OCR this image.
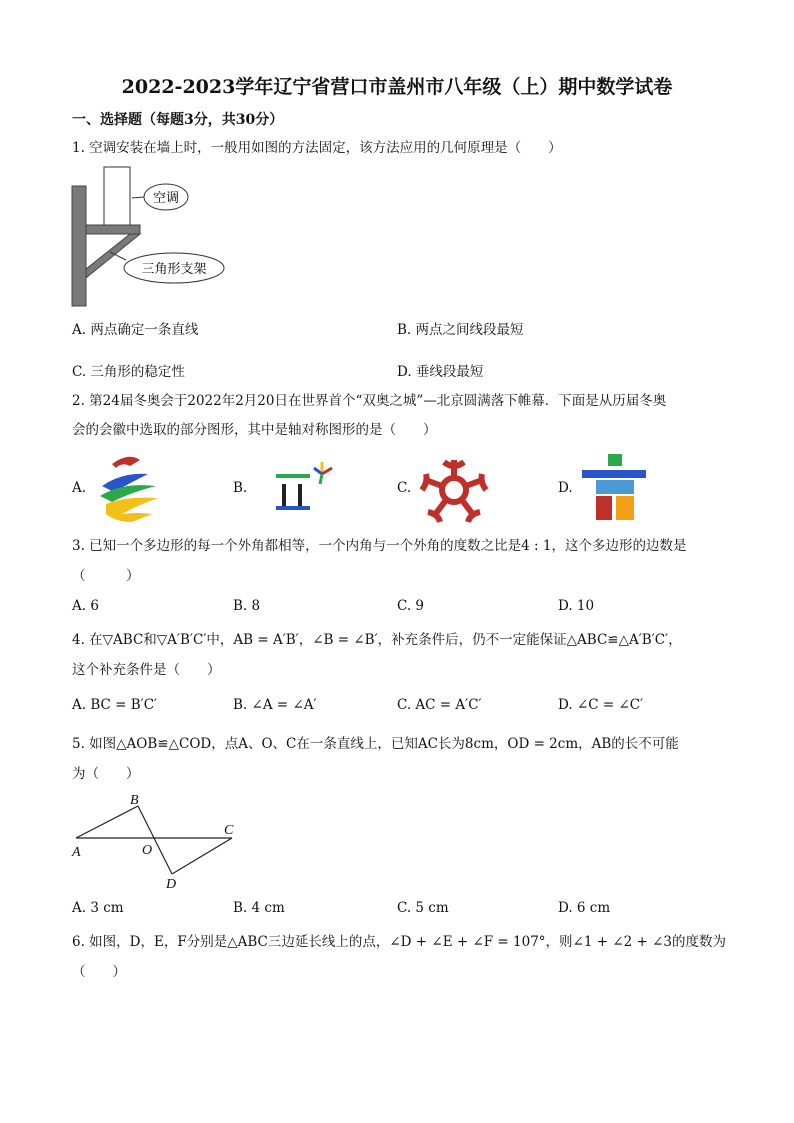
2022-2023学年辽宁省营口市盖州市八年级（上）期中数学试卷
一、选择题（每题3分，共30分）
1. 空调安装在墙上时，一般用如图的方法固定，该方法应用的几何原理是（　　）
空调
三角形支架
A. 两点确定一条直线	B. 两点之间线段最短
C. 三角形的稳定性	D. 垂线段最短
2. 第24届冬奥会于2022年2月20日在世界首个“双奥之城”—北京圆满落下帷幕．下面是从历届冬奥
会的会徽中选取的部分图形，其中是轴对称图形的是（　　）
A.	B.	C.	D.
3. 已知一个多边形的每一个外角都相等，一个内角与一个外角的度数之比是4 : 1，这个多边形的边数是
（　　　）
A. 6	B. 8	C. 9	D. 10
4. 在▽ABC和▽A′B′C′中，AB = A′B′，∠B = ∠B′，补充条件后，仍不一定能保证△ABC≌△A′B′C′，
这个补充条件是（　　）
A. BC = B′C′	B. ∠A = ∠A′	C. AC = A′C′	D. ∠C = ∠C′
5. 如图△AOB≌△COD，点A、O、C在一条直线上，已知AC长为8cm，OD = 2cm，AB的长不可能
为（　　）
A
B
C
D
O
A. 3 cm	B. 4 cm	C. 5 cm	D. 6 cm
6. 如图，D，E，F分别是△ABC三边延长线上的点，∠D + ∠E + ∠F = 107°，则∠1 + ∠2 + ∠3的度数为
（　　）
